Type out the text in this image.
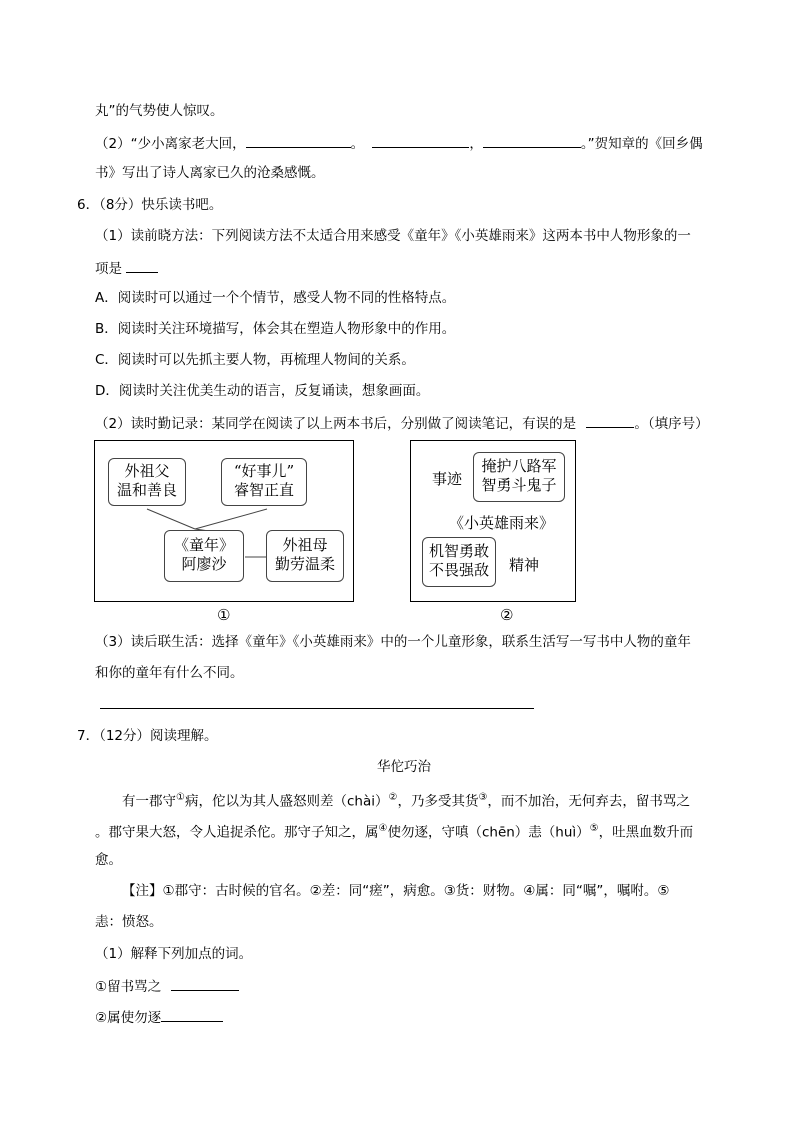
丸”的气势使人惊叹。
（2）“少小离家老大回，	。	，	。”贺知章的《回乡偶
书》写出了诗人离家已久的沧桑感慨。
6．（8分）快乐读书吧。
（1）读前晓方法：下列阅读方法不太适合用来感受《童年》《小英雄雨来》这两本书中人物形象的一
项是
A．阅读时可以通过一个个情节，感受人物不同的性格特点。
B．阅读时关注环境描写，体会其在塑造人物形象中的作用。
C．阅读时可以先抓主要人物，再梳理人物间的关系。
D．阅读时关注优美生动的语言，反复诵读，想象画面。
（2）读时勤记录：某同学在阅读了以上两本书后，分别做了阅读笔记，有误的是	。（填序号）
外祖父
温和善良
“好事儿”
睿智正直
《童年》
阿廖沙
外祖母
勤劳温柔
①
事迹
掩护八路军
智勇斗鬼子
《小英雄雨来》
机智勇敢
不畏强敌	精神
②
（3）读后联生活：选择《童年》《小英雄雨来》中的一个儿童形象，联系生活写一写书中人物的童年
和你的童年有什么不同。
7．（12分）阅读理解。
华佗巧治
有一郡守①病，佗以为其人盛怒则差（chài）②，乃多受其货③，而不加治，无何弃去，留书骂之
。郡守果大怒，令人追捉杀佗。那守子知之，属④使勿逐，守嗔（chēn）恚（huì）⑤，吐黑血数升而
愈。
【注】①郡守：古时候的官名。②差：同“瘥”，病愈。③货：财物。④属：同“嘱”，嘱咐。⑤
恚：愤怒。
（1）解释下列加点的词。
①留书骂之
②属使勿逐
